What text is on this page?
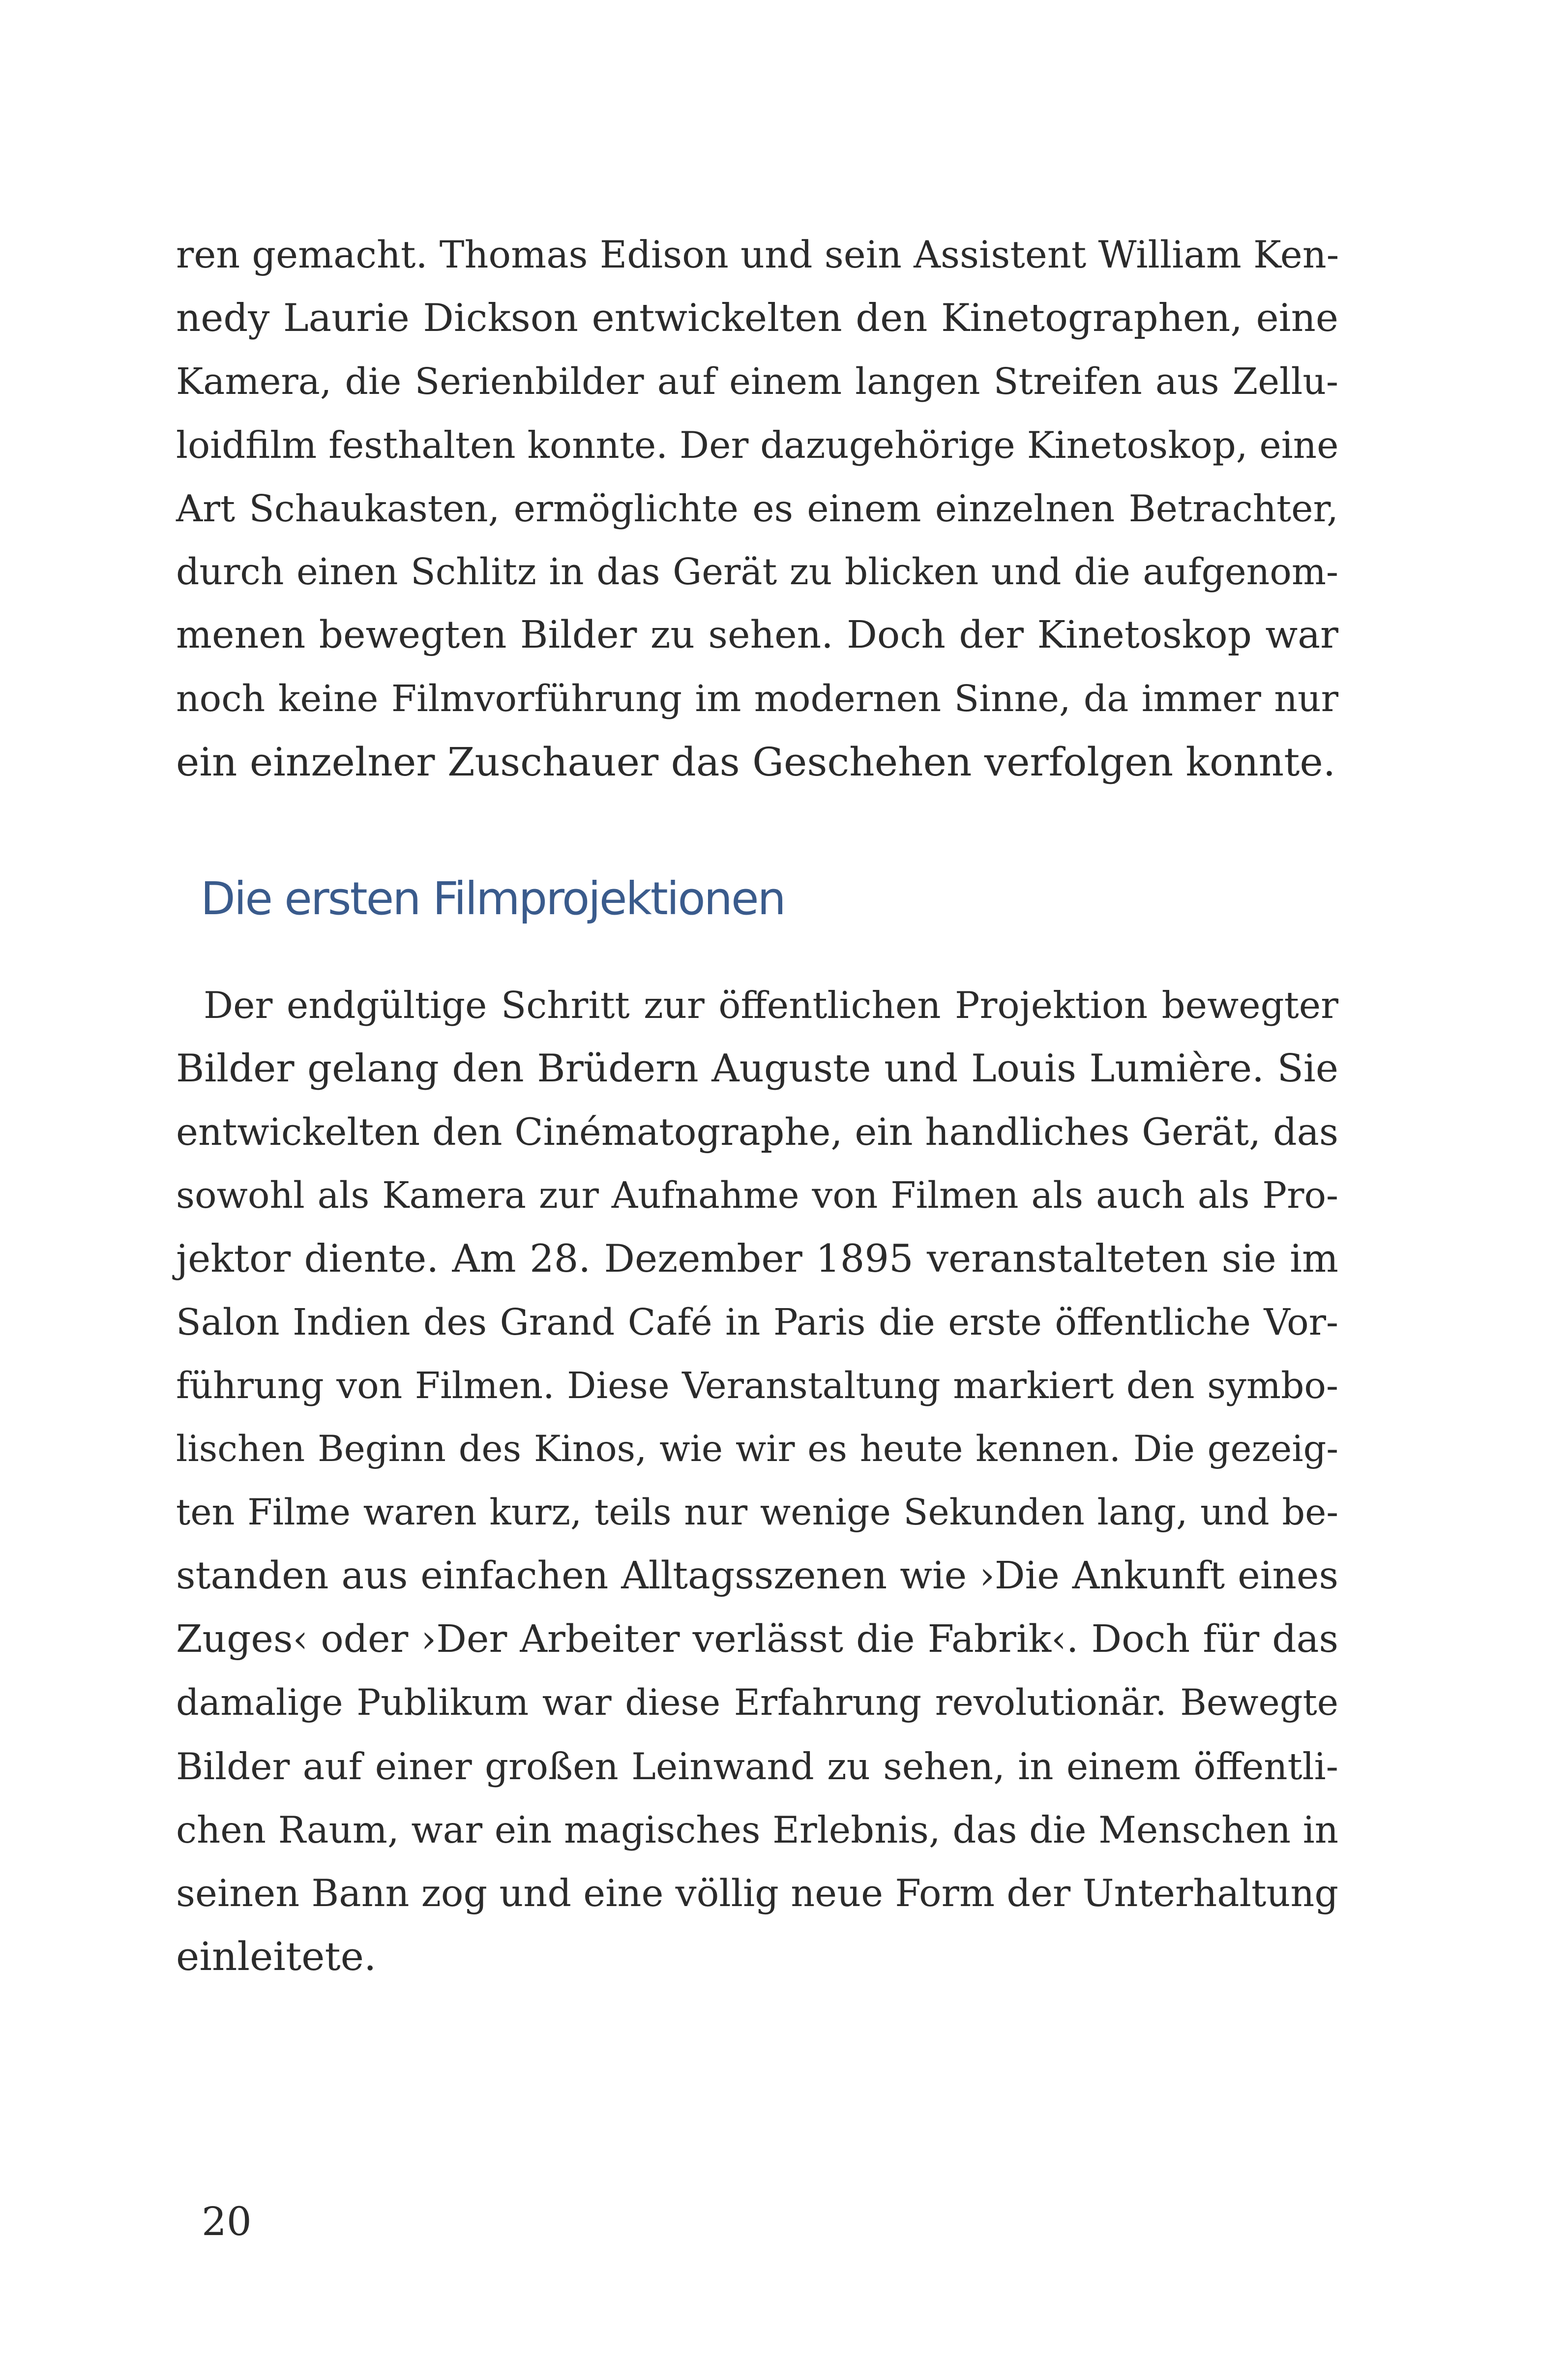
ren gemacht. Thomas Edison und sein Assistent William Ken-
nedy Laurie Dickson entwickelten den Kinetographen, eine
Kamera, die Serienbilder auf einem langen Streifen aus Zellu-
loidfilm festhalten konnte. Der dazugehörige Kinetoskop, eine
Art Schaukasten, ermöglichte es einem einzelnen Betrachter,
durch einen Schlitz in das Gerät zu blicken und die aufgenom-
menen bewegten Bilder zu sehen. Doch der Kinetoskop war
noch keine Filmvorführung im modernen Sinne, da immer nur
ein einzelner Zuschauer das Geschehen verfolgen konnte.
Die ersten Filmprojektionen
Der endgültige Schritt zur öffentlichen Projektion bewegter
Bilder gelang den Brüdern Auguste und Louis Lumière. Sie
entwickelten den Cinématographe, ein handliches Gerät, das
sowohl als Kamera zur Aufnahme von Filmen als auch als Pro-
jektor diente. Am 28. Dezember 1895 veranstalteten sie im
Salon Indien des Grand Café in Paris die erste öffentliche Vor-
führung von Filmen. Diese Veranstaltung markiert den symbo-
lischen Beginn des Kinos, wie wir es heute kennen. Die gezeig-
ten Filme waren kurz, teils nur wenige Sekunden lang, und be-
standen aus einfachen Alltagsszenen wie ›Die Ankunft eines
Zuges‹ oder ›Der Arbeiter verlässt die Fabrik‹. Doch für das
damalige Publikum war diese Erfahrung revolutionär. Bewegte
Bilder auf einer großen Leinwand zu sehen, in einem öffentli-
chen Raum, war ein magisches Erlebnis, das die Menschen in
seinen Bann zog und eine völlig neue Form der Unterhaltung
einleitete.
20
